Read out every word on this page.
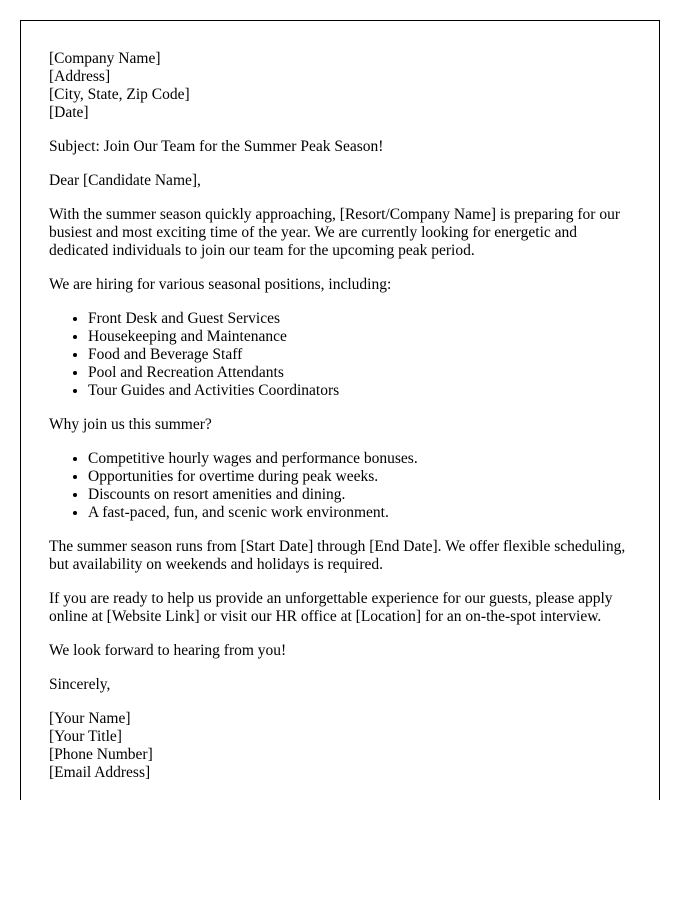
[Company Name]
[Address]
[City, State, Zip Code]
[Date]

Subject: Join Our Team for the Summer Peak Season!

Dear [Candidate Name],

With the summer season quickly approaching, [Resort/Company Name] is preparing for our busiest and most exciting time of the year. We are currently looking for energetic and dedicated individuals to join our team for the upcoming peak period.

We are hiring for various seasonal positions, including:

• Front Desk and Guest Services
• Housekeeping and Maintenance
• Food and Beverage Staff
• Pool and Recreation Attendants
• Tour Guides and Activities Coordinators

Why join us this summer?

• Competitive hourly wages and performance bonuses.
• Opportunities for overtime during peak weeks.
• Discounts on resort amenities and dining.
• A fast-paced, fun, and scenic work environment.

The summer season runs from [Start Date] through [End Date]. We offer flexible scheduling, but availability on weekends and holidays is required.

If you are ready to help us provide an unforgettable experience for our guests, please apply online at [Website Link] or visit our HR office at [Location] for an on-the-spot interview.

We look forward to hearing from you!

Sincerely,

[Your Name]
[Your Title]
[Phone Number]
[Email Address]
